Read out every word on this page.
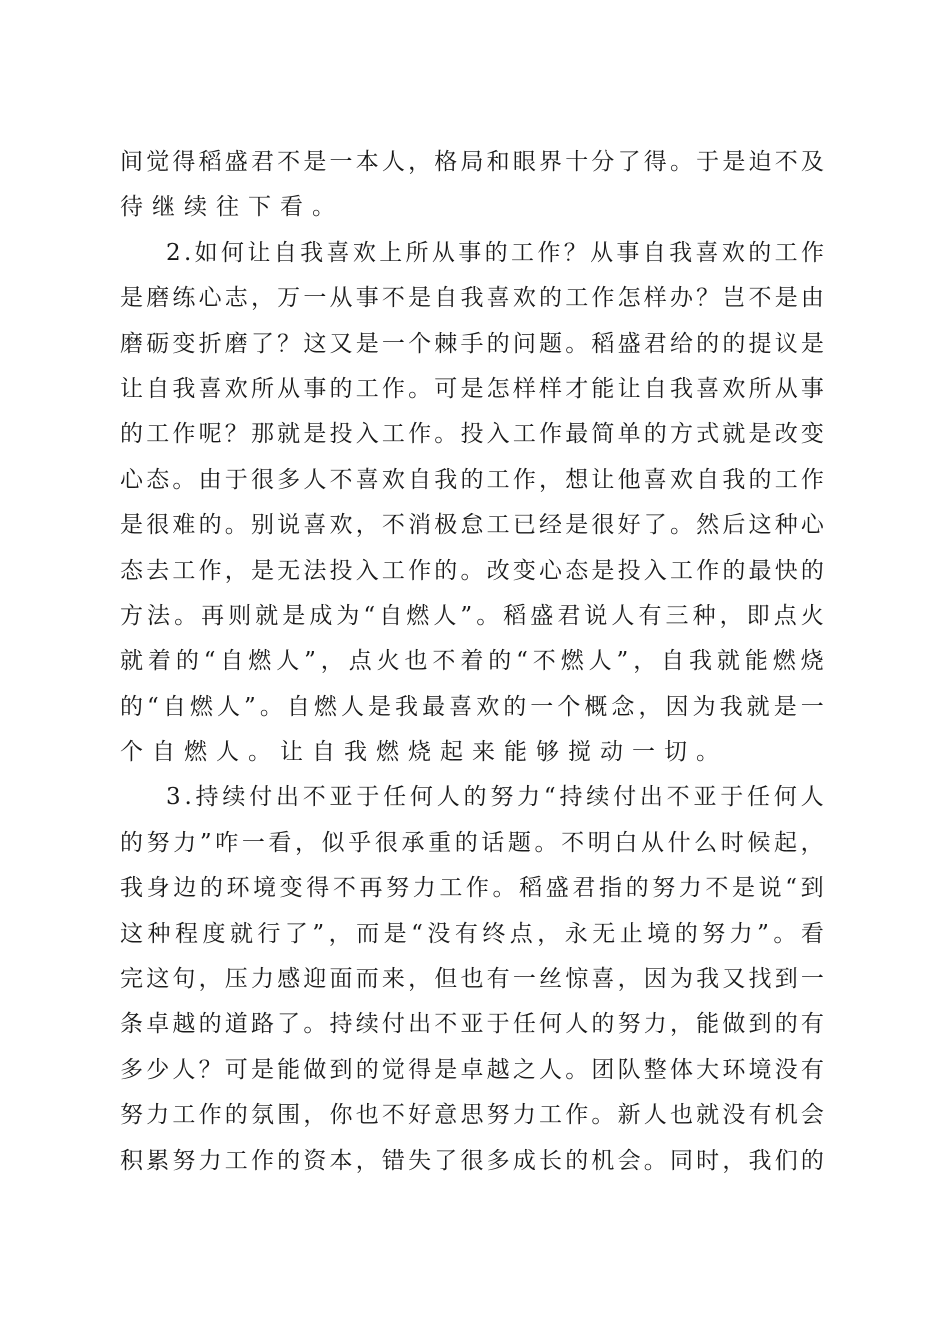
间 觉 得 稻 盛 君 不 是 一 本 人 ， 格 局 和 眼 界 十 分 了 得 。 于 是 迫 不 及
待继续往下看。
2 . 如 何 让 自 我 喜 欢 上 所 从 事 的 工 作 ？ 从 事 自 我 喜 欢 的 工 作
是 磨 练 心 志 ， 万 一 从 事 不 是 自 我 喜 欢 的 工 作 怎 样 办 ？ 岂 不 是 由
磨 砺 变 折 磨 了 ？ 这 又 是 一 个 棘 手 的 问 题 。 稻 盛 君 给 的 的 提 议 是
让 自 我 喜 欢 所 从 事 的 工 作 。 可 是 怎 样 样 才 能 让 自 我 喜 欢 所 从 事
的 工 作 呢 ？ 那 就 是 投 入 工 作 。 投 入 工 作 最 简 单 的 方 式 就 是 改 变
心 态 。 由 于 很 多 人 不 喜 欢 自 我 的 工 作 ， 想 让 他 喜 欢 自 我 的 工 作
是 很 难 的 。 别 说 喜 欢 ， 不 消 极 怠 工 已 经 是 很 好 了 。 然 后 这 种 心
态 去 工 作 ， 是 无 法 投 入 工 作 的 。 改 变 心 态 是 投 入 工 作 的 最 快 的
方 法 。 再 则 就 是 成 为 “ 自 燃 人 ” 。 稻 盛 君 说 人 有 三 种 ， 即 点 火
就 着 的 “ 自 燃 人 ” ， 点 火 也 不 着 的 “ 不 燃 人 ” ， 自 我 就 能 燃 烧
的 “ 自 燃 人 ” 。 自 燃 人 是 我 最 喜 欢 的 一 个 概 念 ， 因 为 我 就 是 一
个自燃人。让自我燃烧起来能够搅动一切。
3 . 持 续 付 出 不 亚 于 任 何 人 的 努 力 “ 持 续 付 出 不 亚 于 任 何 人
的 努 力 ” 咋 一 看 ， 似 乎 很 承 重 的 话 题 。 不 明 白 从 什 么 时 候 起 ，
我 身 边 的 环 境 变 得 不 再 努 力 工 作 。 稻 盛 君 指 的 努 力 不 是 说 “ 到
这 种 程 度 就 行 了 ” ， 而 是 “ 没 有 终 点 ， 永 无 止 境 的 努 力 ” 。 看
完 这 句 ， 压 力 感 迎 面 而 来 ， 但 也 有 一 丝 惊 喜 ， 因 为 我 又 找 到 一
条 卓 越 的 道 路 了 。 持 续 付 出 不 亚 于 任 何 人 的 努 力 ， 能 做 到 的 有
多 少 人 ？ 可 是 能 做 到 的 觉 得 是 卓 越 之 人 。 团 队 整 体 大 环 境 没 有
努 力 工 作 的 氛 围 ， 你 也 不 好 意 思 努 力 工 作 。 新 人 也 就 没 有 机 会
积 累 努 力 工 作 的 资 本 ， 错 失 了 很 多 成 长 的 机 会 。 同 时 ， 我 们 的
